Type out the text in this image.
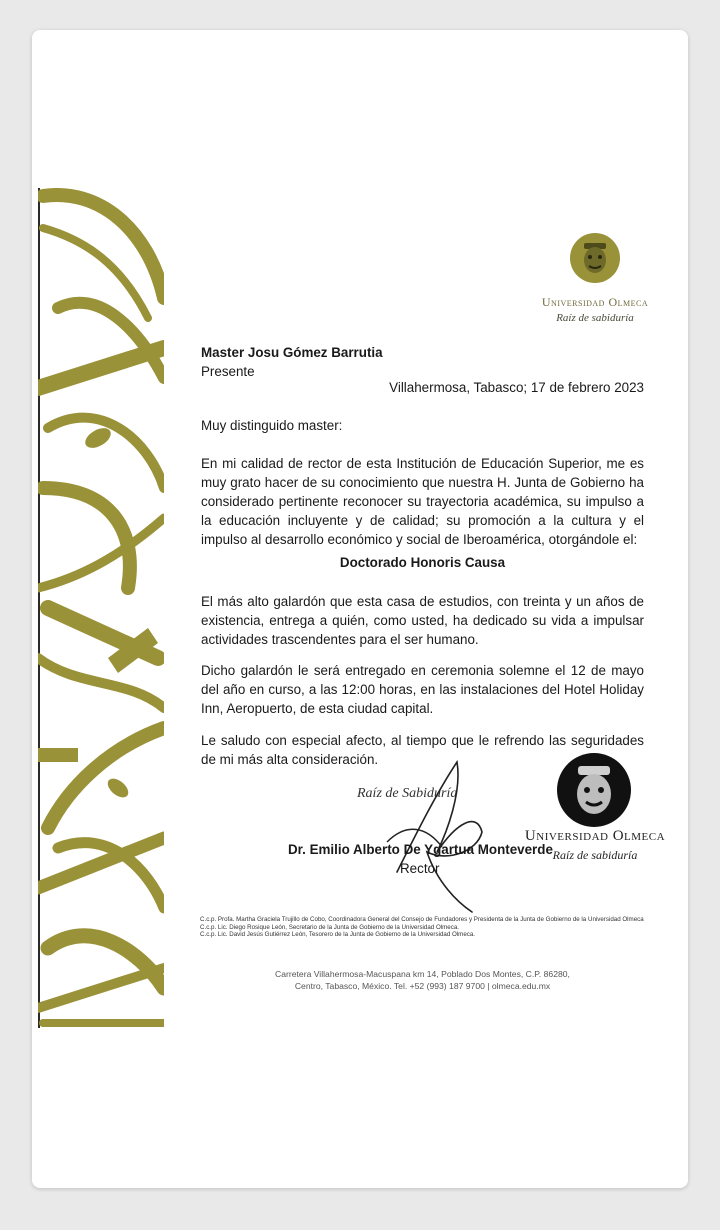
Universidad Olmeca
Raíz de sabiduría
Master Josu Gómez Barrutia
Presente
Villahermosa, Tabasco; 17 de febrero 2023
Muy distinguido master:
En mi calidad de rector de esta Institución de Educación Superior, me es muy grato hacer de su conocimiento que nuestra H. Junta de Gobierno ha considerado pertinente reconocer su trayectoria académica, su impulso a la educación incluyente y de calidad; su promoción a la cultura y el impulso al desarrollo económico y social de Iberoamérica, otorgándole el:
Doctorado Honoris Causa
El más alto galardón que esta casa de estudios, con treinta y un años de existencia, entrega a quién, como usted, ha dedicado su vida a impulsar actividades trascendentes para el ser humano.
Dicho galardón le será entregado en ceremonia solemne el 12 de mayo del año en curso, a las 12:00 horas, en las instalaciones del Hotel Holiday Inn, Aeropuerto, de esta ciudad capital.
Le saludo con especial afecto, al tiempo que le refrendo las seguridades de mi más alta consideración.
Raíz de Sabiduría
Dr. Emilio Alberto De Ygartua Monteverde
Rector
Universidad Olmeca
Raíz de sabiduría
C.c.p. Profa. Martha Graciela Trujillo de Cobo, Coordinadora General del Consejo de Fundadores y Presidenta de la Junta de Gobierno de la Universidad Olmeca
C.c.p. Lic. Diego Rosique León, Secretario de la Junta de Gobierno de la Universidad Olmeca.
C.c.p. Lic. David Jesús Gutiérrez León, Tesorero de la Junta de Gobierno de la Universidad Olmeca.
Carretera Villahermosa-Macuspana km 14, Poblado Dos Montes, C.P. 86280,
Centro, Tabasco, México. Tel. +52 (993) 187 9700 | olmeca.edu.mx
